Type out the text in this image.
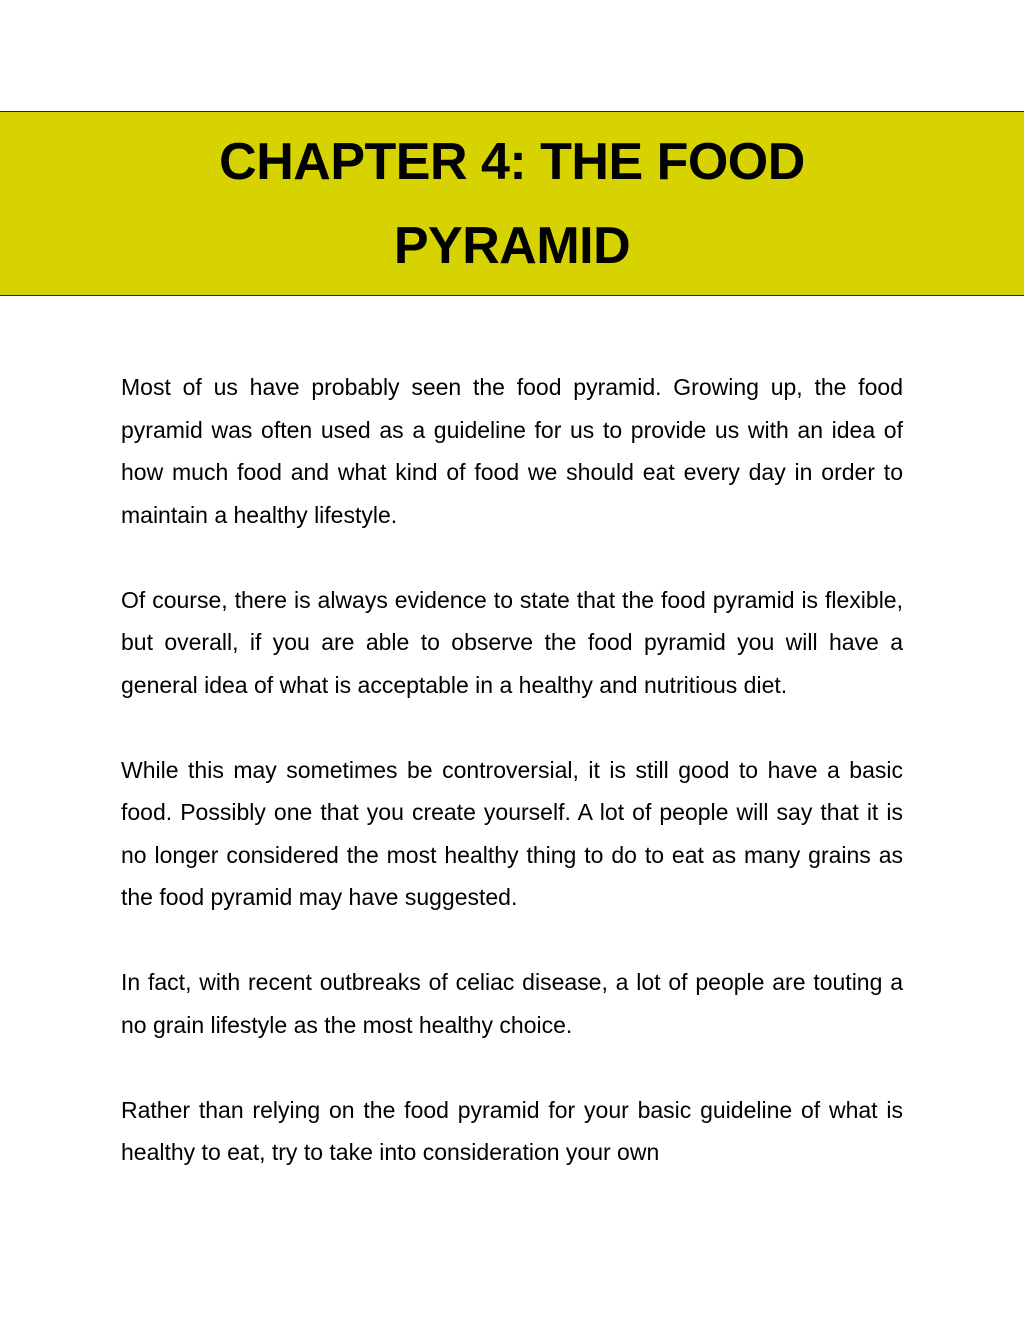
CHAPTER 4: THE FOOD PYRAMID

Most of us have probably seen the food pyramid. Growing up, the food pyramid was often used as a guideline for us to provide us with an idea of how much food and what kind of food we should eat every day in order to maintain a healthy lifestyle.

Of course, there is always evidence to state that the food pyramid is flexible, but overall, if you are able to observe the food pyramid you will have a general idea of what is acceptable in a healthy and nutritious diet.

While this may sometimes be controversial, it is still good to have a basic food. Possibly one that you create yourself. A lot of people will say that it is no longer considered the most healthy thing to do to eat as many grains as the food pyramid may have suggested.

In fact, with recent outbreaks of celiac disease, a lot of people are touting a no grain lifestyle as the most healthy choice.

Rather than relying on the food pyramid for your basic guideline of what is healthy to eat, try to take into consideration your own
